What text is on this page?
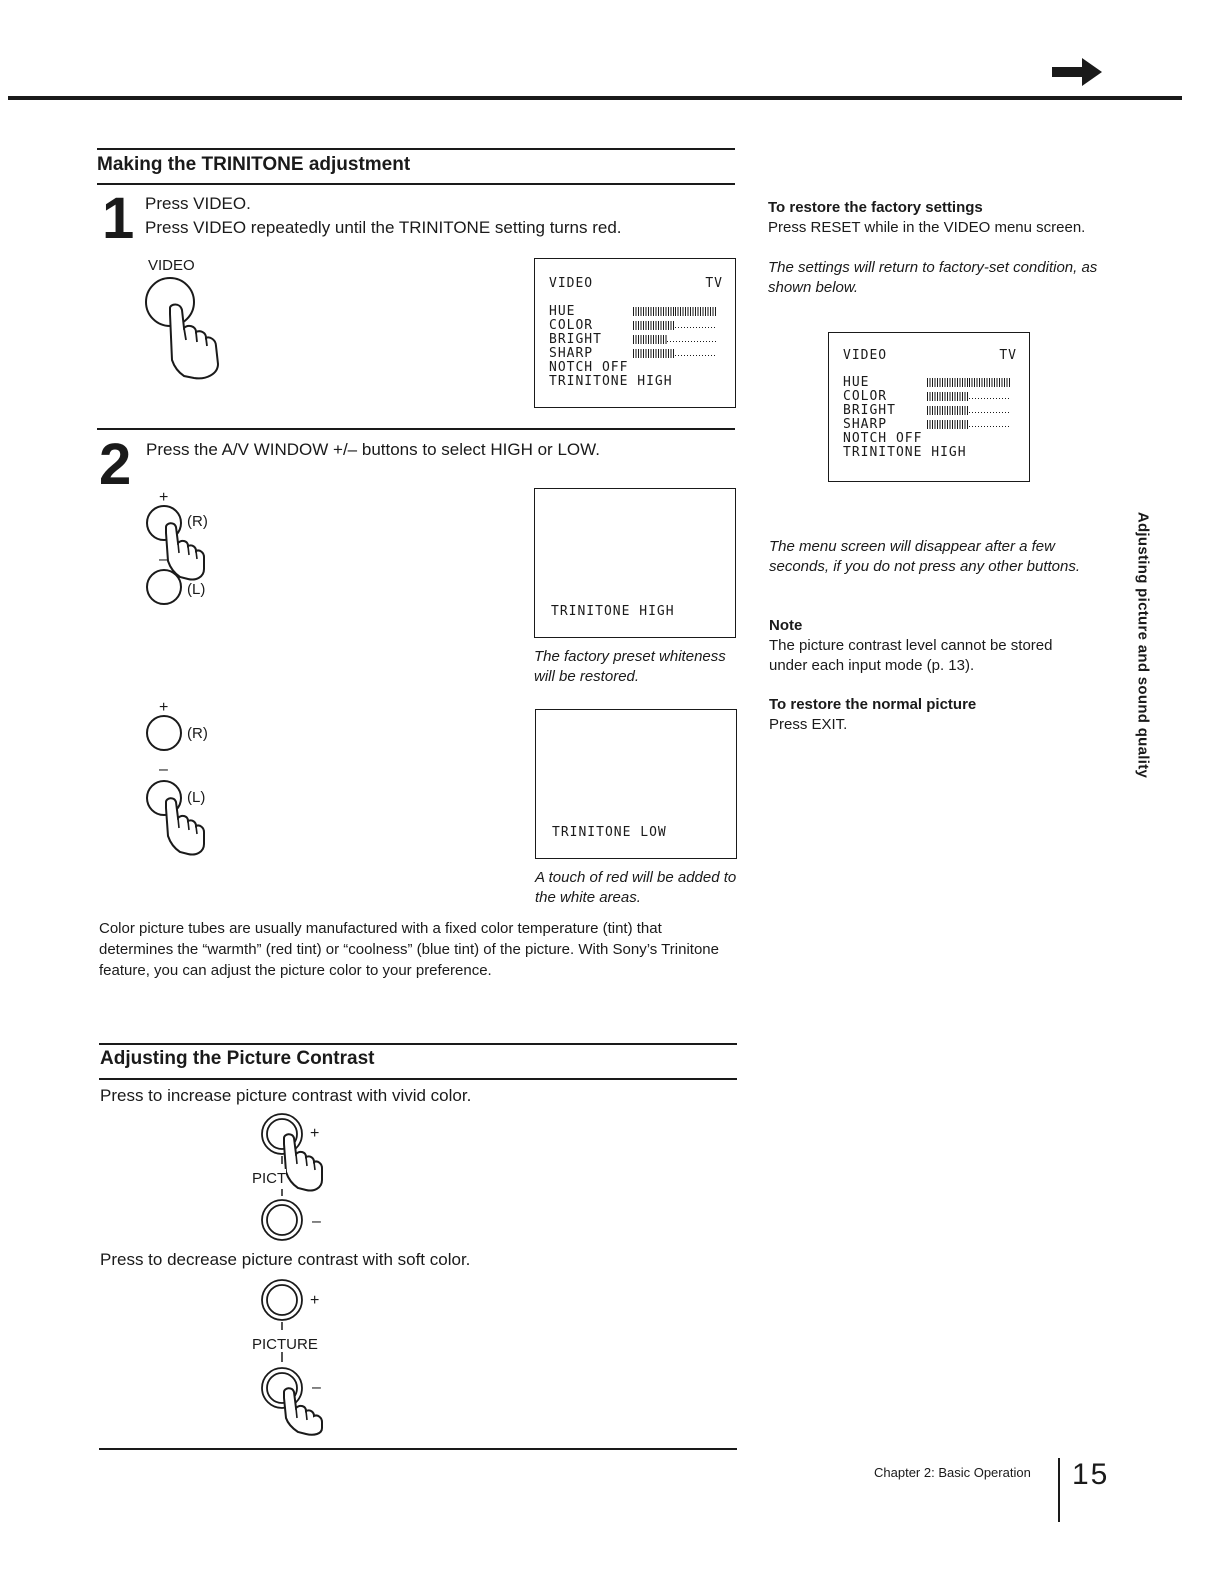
Making the TRINITONE adjustment
1 Press VIDEO.
Press VIDEO repeatedly until the TRINITONE setting turns red.
VIDEO
VIDEO	TV
HUE
COLOR
BRIGHT
SHARP
NOTCH OFF
TRINITONE HIGH
2 Press the A/V WINDOW +/– buttons to select HIGH or LOW.
+
(R)
–
(L)
TRINITONE HIGH
The factory preset whiteness will be restored.
+
(R)
–
(L)
TRINITONE LOW
A touch of red will be added to the white areas.
Color picture tubes are usually manufactured with a fixed color temperature (tint) that determines the “warmth” (red tint) or “coolness” (blue tint) of the picture. With Sony’s Trinitone feature, you can adjust the picture color to your preference.
Adjusting the Picture Contrast
Press to increase picture contrast with vivid color.
+
PICT
–
Press to decrease picture contrast with soft color.
+
PICTURE
–
To restore the factory settings
Press RESET while in the VIDEO menu screen.
The settings will return to factory-set condition, as shown below.
VIDEO	TV
HUE
COLOR
BRIGHT
SHARP
NOTCH OFF
TRINITONE HIGH
The menu screen will disappear after a few seconds, if you do not press any other buttons.
Note
The picture contrast level cannot be stored under each input mode (p. 13).
To restore the normal picture
Press EXIT.	Adjusting picture and sound quality
Chapter 2: Basic Operation 15
